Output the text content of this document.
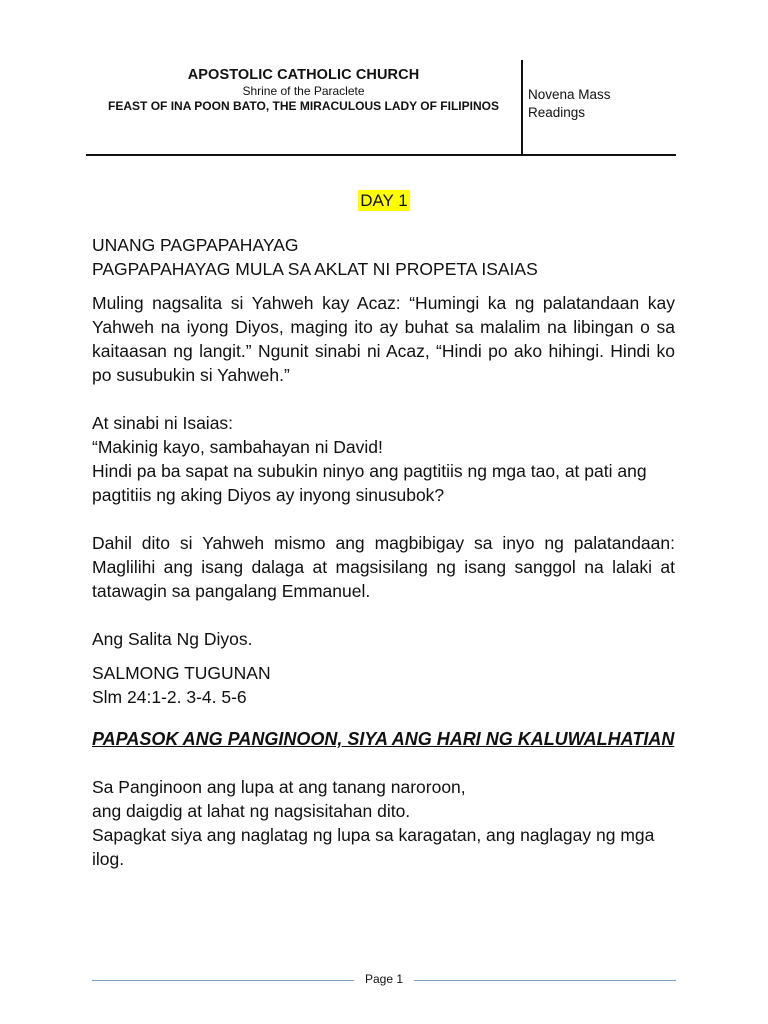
APOSTOLIC CATHOLIC CHURCH
Shrine of the Paraclete
FEAST OF INA POON BATO, THE MIRACULOUS LADY OF FILIPINOS
Novena Mass Readings
DAY 1

UNANG PAGPAPAHAYAG

PAGPAPAHAYAG MULA SA AKLAT NI PROPETA ISAIAS

Muling nagsalita si Yahweh kay Acaz: “Humingi ka ng palatandaan kay Yahweh na iyong Diyos, maging ito ay buhat sa malalim na libingan o sa kaitaasan ng langit.” Ngunit sinabi ni Acaz, “Hindi po ako hihingi. Hindi ko po susubukin si Yahweh.”

At sinabi ni Isaias:

“Makinig kayo, sambahayan ni David!

Hindi pa ba sapat na subukin ninyo ang pagtitiis ng mga tao, at pati ang pagtitiis ng aking Diyos ay inyong sinusubok?

Dahil dito si Yahweh mismo ang magbibigay sa inyo ng palatandaan: Maglilihi ang isang dalaga at magsisilang ng isang sanggol na lalaki at tatawagin sa pangalang Emmanuel.

Ang Salita Ng Diyos.

SALMONG TUGUNAN

Slm 24:1-2. 3-4. 5-6

PAPASOK ANG PANGINOON, SIYA ANG HARI NG KALUWALHATIAN

Sa Panginoon ang lupa at ang tanang naroroon,

ang daigdig at lahat ng nagsisitahan dito.

Sapagkat siya ang naglatag ng lupa sa karagatan, ang naglagay ng mga ilog.

Page 1
